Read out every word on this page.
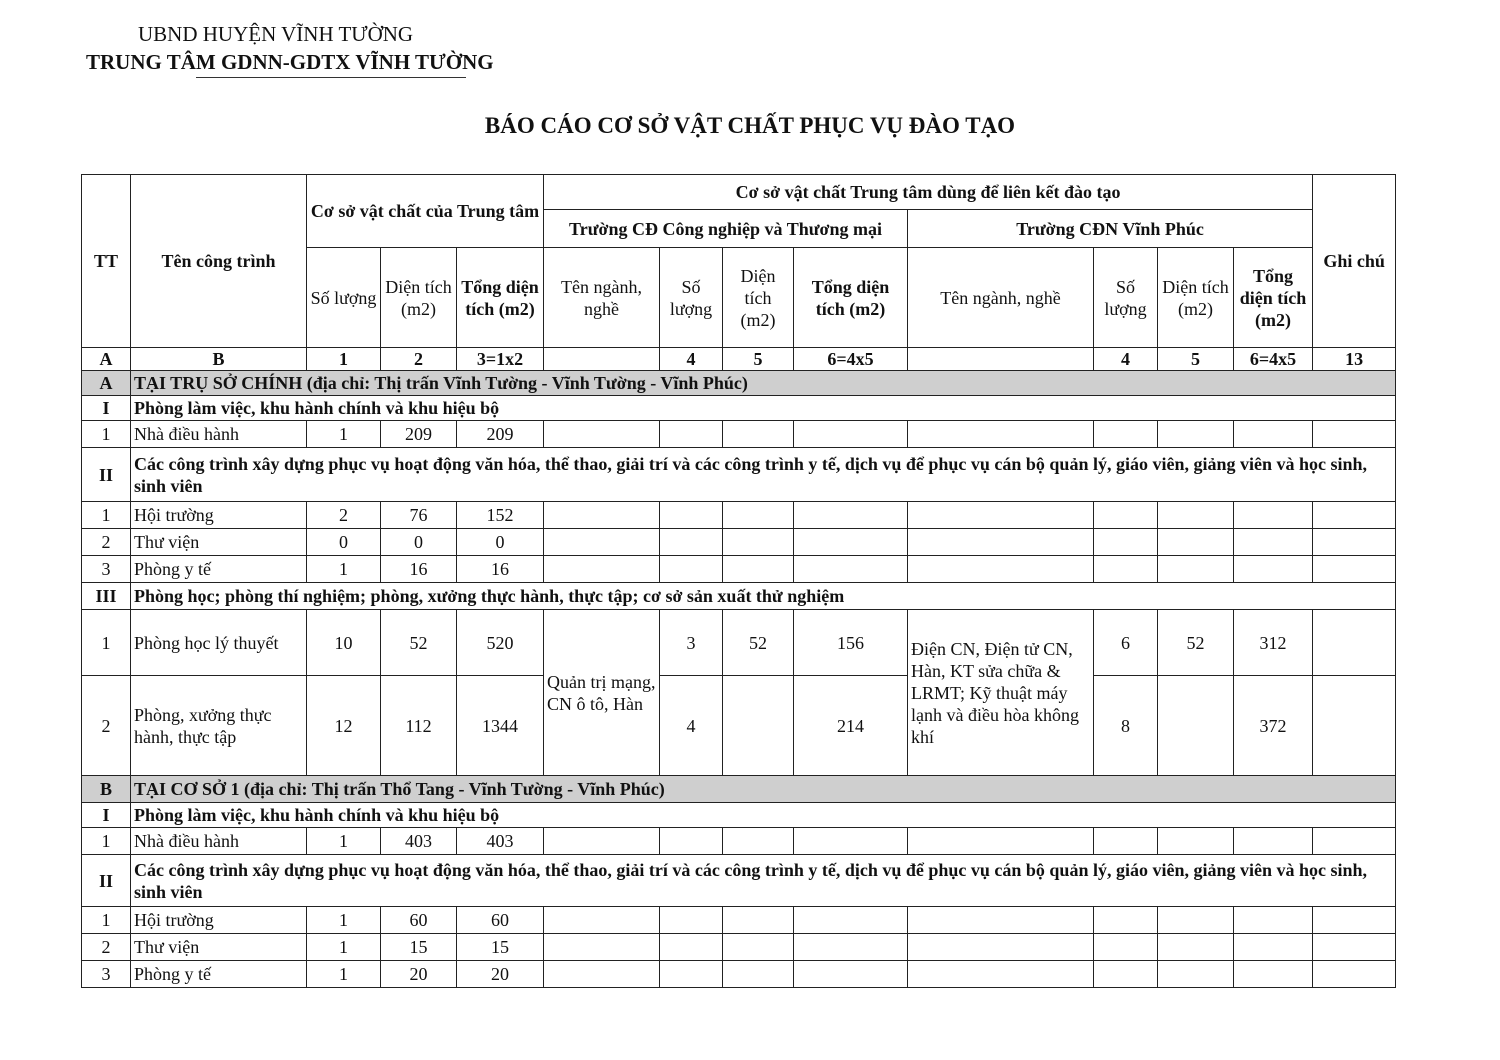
UBND HUYỆN VĨNH TƯỜNG
TRUNG TÂM GDNN-GDTX VĨNH TƯỜNG
BÁO CÁO CƠ SỞ VẬT CHẤT PHỤC VỤ ĐÀO TẠO
TT	Tên công trình	Cơ sở vật chất của Trung tâm			Cơ sở vật chất Trung tâm dùng để liên kết đào tạo								Ghi chú
					Trường CĐ Công nghiệp và Thương mại				Trường CĐN Vĩnh Phúc				
		Số lượng	Diện tích (m2)	Tổng diện tích (m2)	Tên ngành, nghề	Số lượng	Diện tích (m2)	Tổng diện tích (m2)	Tên ngành, nghề	Số lượng	Diện tích (m2)	Tổng diện tích (m2)	
A	B	1	2	3=1x2		4	5	6=4x5		4	5	6=4x5	13
A	TẠI TRỤ SỞ CHÍNH (địa chỉ: Thị trấn Vĩnh Tường - Vĩnh Tường - Vĩnh Phúc)												
I	Phòng làm việc, khu hành chính và khu hiệu bộ												
1	Nhà điều hành	1	209	209									
II	Các công trình xây dựng phục vụ hoạt động văn hóa, thể thao, giải trí và các công trình y tế, dịch vụ để phục vụ cán bộ quản lý, giáo viên, giảng viên và học sinh, sinh viên												
1	Hội trường	2	76	152									
2	Thư viện	0	0	0									
3	Phòng y tế	1	16	16									
III	Phòng học; phòng thí nghiệm; phòng, xưởng thực hành, thực tập; cơ sở sản xuất thử nghiệm												
1	Phòng học lý thuyết	10	52	520	Quản trị mạng, CN ô tô, Hàn	3	52	156	Điện CN, Điện tử CN, Hàn, KT sửa chữa & LRMT; Kỹ thuật máy lạnh và điều hòa không khí	6	52	312	
2	Phòng, xưởng thực hành, thực tập	12	112	1344		4		214		8		372	
B	TẠI CƠ SỞ 1 (địa chỉ: Thị trấn Thổ Tang - Vĩnh Tường - Vĩnh Phúc)												
I	Phòng làm việc, khu hành chính và khu hiệu bộ												
1	Nhà điều hành	1	403	403									
II	Các công trình xây dựng phục vụ hoạt động văn hóa, thể thao, giải trí và các công trình y tế, dịch vụ để phục vụ cán bộ quản lý, giáo viên, giảng viên và học sinh, sinh viên												
1	Hội trường	1	60	60									
2	Thư viện	1	15	15									
3	Phòng y tế	1	20	20									
